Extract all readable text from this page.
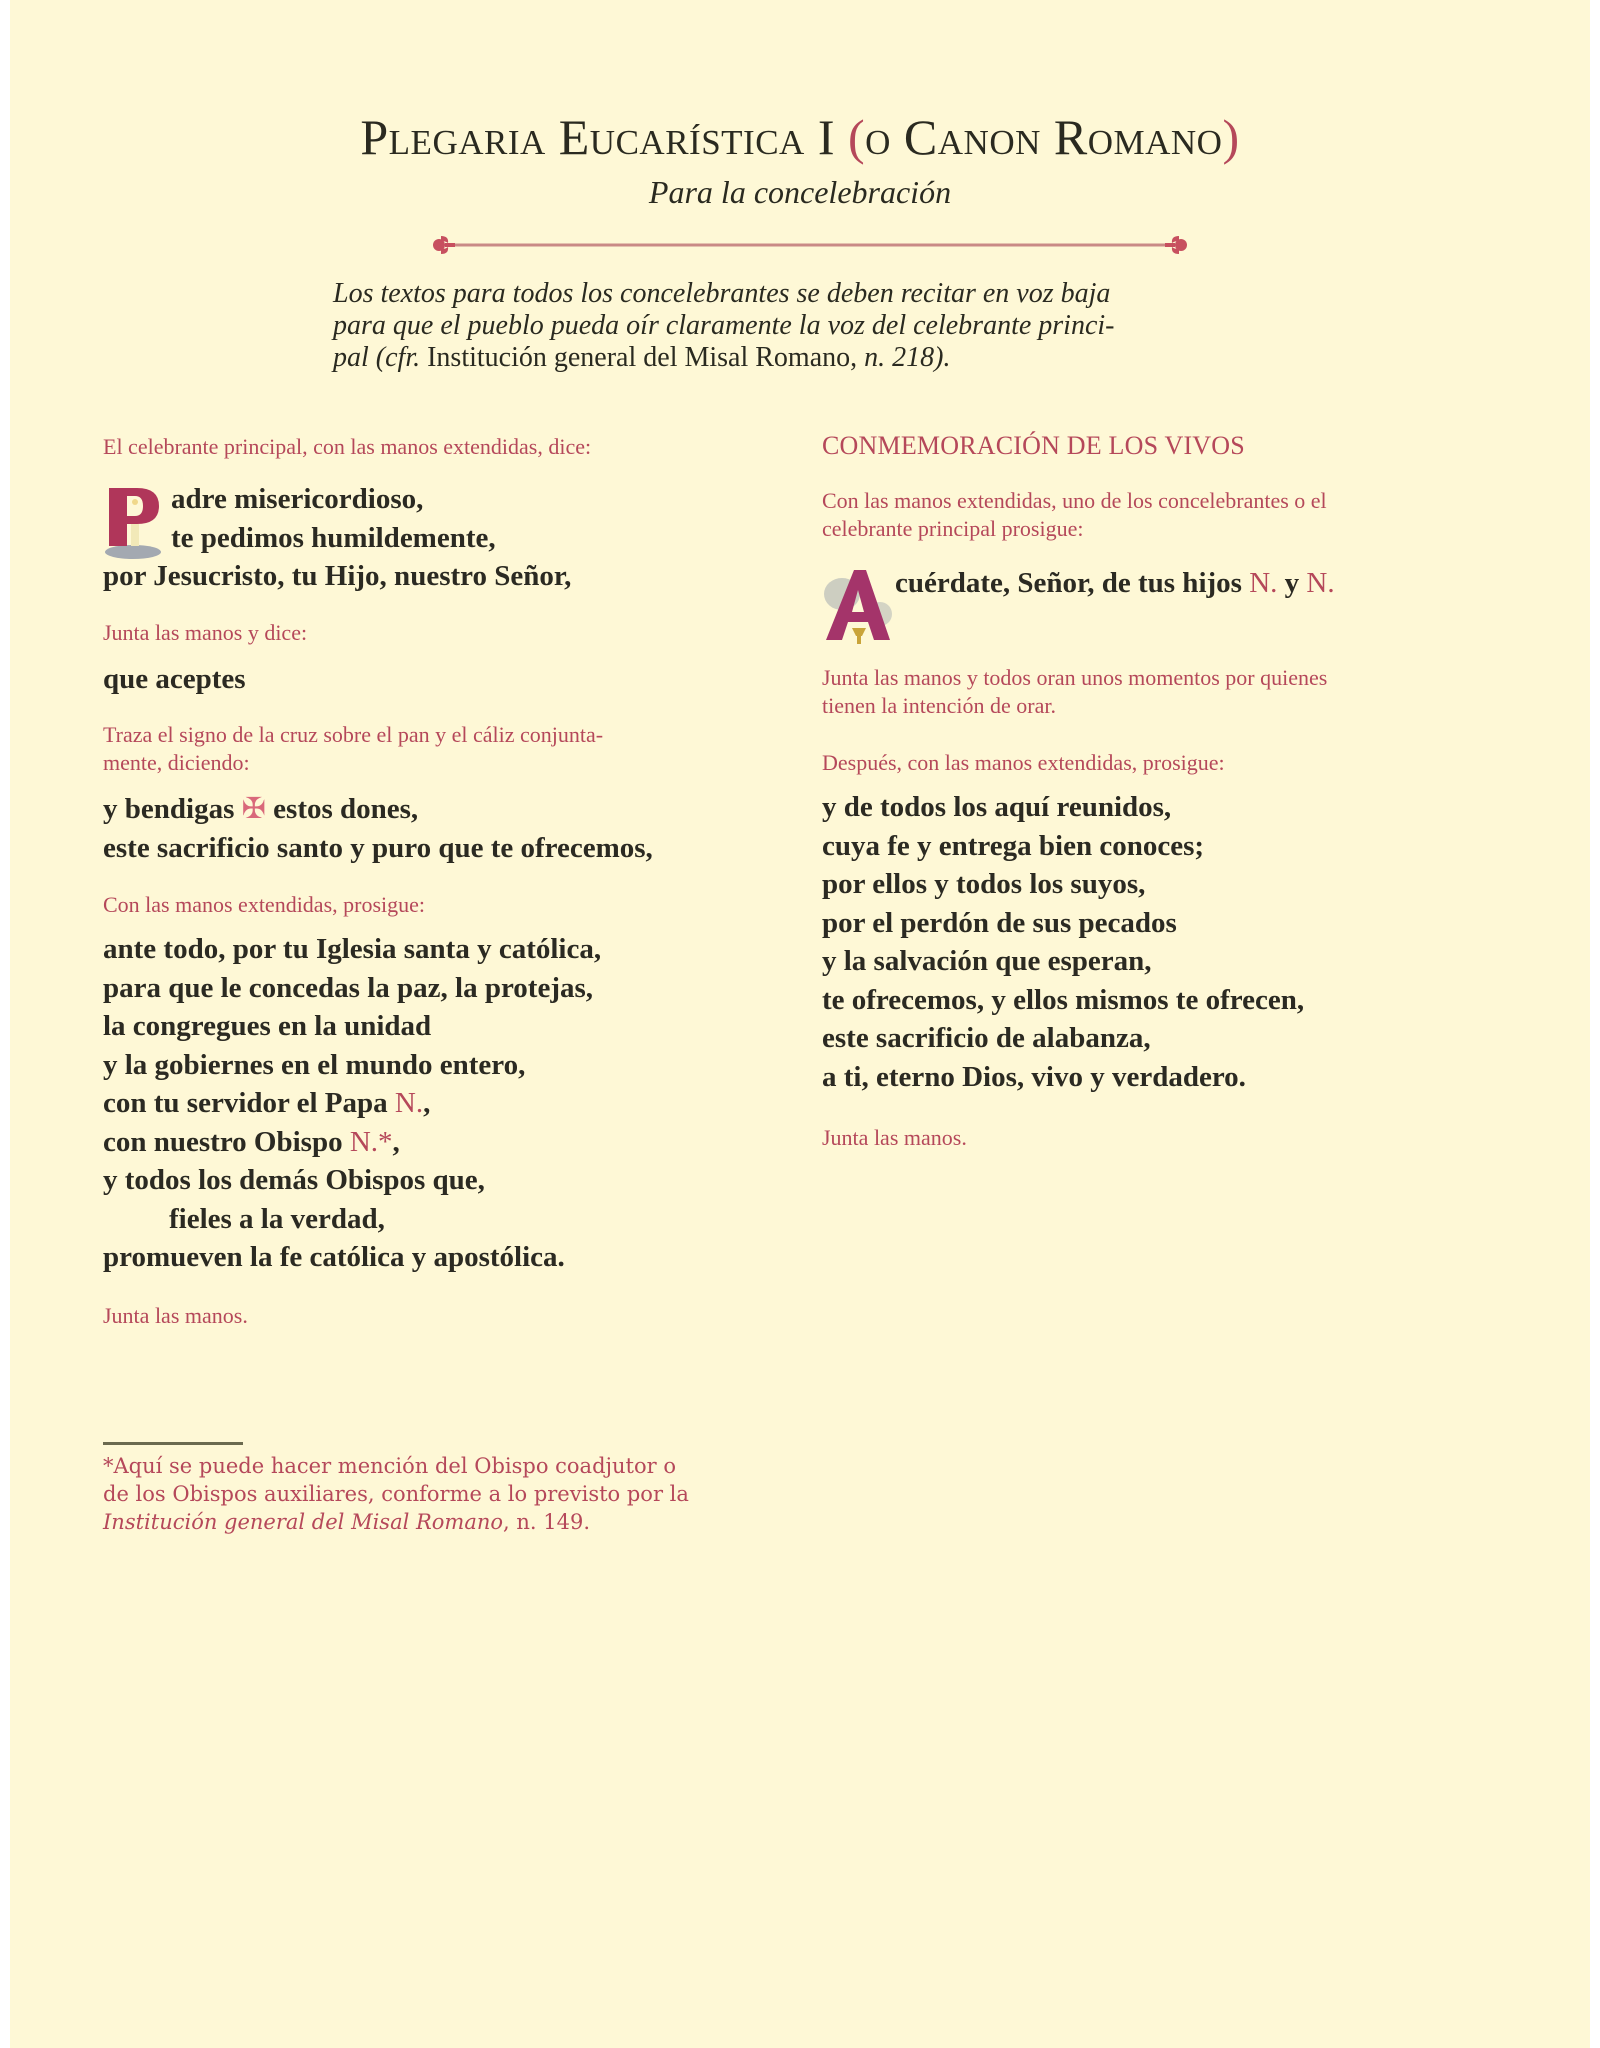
Plegaria Eucarística I (o Canon Romano)
Para la concelebración
Los textos para todos los concelebrantes se deben recitar en voz baja
para que el pueblo pueda oír claramente la voz del celebrante princi-
pal (cfr. Institución general del Misal Romano, n. 218).
El celebrante principal, con las manos extendidas, dice:
adre misericordioso,
te pedimos humildemente,
por Jesucristo, tu Hijo, nuestro Señor,
Junta las manos y dice:
que aceptes
Traza el signo de la cruz sobre el pan y el cáliz conjunta-
mente, diciendo:
y bendigas ✠ estos dones,
este sacrificio santo y puro que te ofrecemos,
Con las manos extendidas, prosigue:
ante todo, por tu Iglesia santa y católica,
para que le concedas la paz, la protejas,
la congregues en la unidad
y la gobiernes en el mundo entero,
con tu servidor el Papa N.,
con nuestro Obispo N.*,
y todos los demás Obispos que,
fieles a la verdad,
promueven la fe católica y apostólica.
Junta las manos.
CONMEMORACIÓN DE LOS VIVOS
Con las manos extendidas, uno de los concelebrantes o el
celebrante principal prosigue:
cuérdate, Señor, de tus hijos N. y N.
Junta las manos y todos oran unos momentos por quienes
tienen la intención de orar.
Después, con las manos extendidas, prosigue:
y de todos los aquí reunidos,
cuya fe y entrega bien conoces;
por ellos y todos los suyos,
por el perdón de sus pecados
y la salvación que esperan,
te ofrecemos, y ellos mismos te ofrecen,
este sacrificio de alabanza,
a ti, eterno Dios, vivo y verdadero.
Junta las manos.
*Aquí se puede hacer mención del Obispo coadjutor o
de los Obispos auxiliares, conforme a lo previsto por la
Institución general del Misal Romano, n. 149.
